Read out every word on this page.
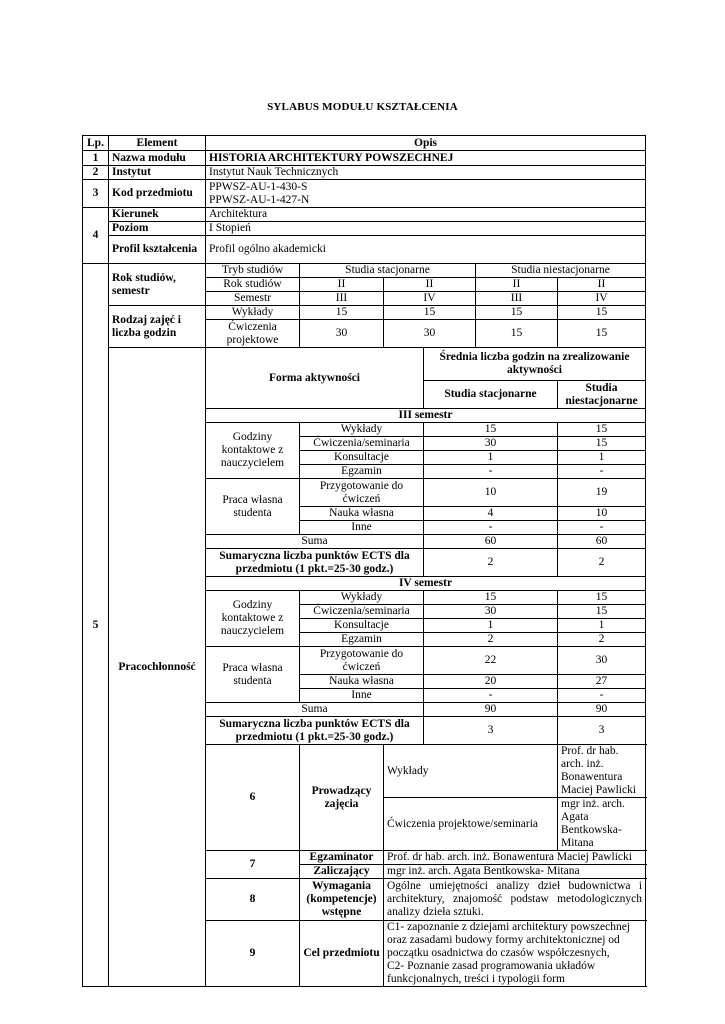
SYLABUS MODUŁU KSZTAŁCENIA
Lp.	Element	Opis					
1	Nazwa modułu	HISTORIA ARCHITEKTURY POWSZECHNEJ					
2	Instytut	Instytut Nauk Technicznych					
3	Kod przedmiotu	PPWSZ-AU-1-430-S
PPWSZ-AU-1-427-N					
4	Kierunek	Architektura					
	Poziom	I Stopień					
	Profil kształcenia	Profil ogólno akademicki					
5	Rok studiów, semestr	Tryb studiów	Studia stacjonarne			Studia niestacjonarne	
		Rok studiów	II	II		II	II
		Semestr	III	IV		III	IV
	Rodzaj zajęć i liczba godzin	Wykłady	15	15		15	15
		Ćwiczenia projektowe	30	30		15	15
	Pracochłonność	Forma aktywności			Średnia liczba godzin na zrealizowanie aktywności		
					Studia stacjonarne		Studia niestacjonarne
		III semestr					
		Godziny kontaktowe z nauczycielem	Wykłady		15		15
			Ćwiczenia/seminaria		30		15
			Konsultacje		1		1
			Egzamin		-		-
		Praca własna studenta	Przygotowanie do ćwiczeń		10		19
			Nauka własna		4		10
			Inne		-		-
		Suma			60		60
		Sumaryczna liczba punktów ECTS dla przedmiotu (1 pkt.=25-30 godz.)			2		2
		IV semestr					
		Godziny kontaktowe z nauczycielem	Wykłady		15		15
			Ćwiczenia/seminaria		30		15
			Konsultacje		1		1
			Egzamin		2		2
		Praca własna studenta	Przygotowanie do ćwiczeń		22		30
			Nauka własna		20		27
			Inne		-		-
		Suma			90		90
		Sumaryczna liczba punktów ECTS dla przedmiotu (1 pkt.=25-30 godz.)			3		3
		6	Prowadzący zajęcia	Wykłady			Prof. dr hab. arch. inż. Bonawentura Maciej Pawlicki
				Ćwiczenia projektowe/seminaria			mgr inż. arch. Agata Bentkowska- Mitana
		7	Egzaminator	Prof. dr hab. arch. inż. Bonawentura Maciej Pawlicki			
			Zaliczający	mgr inż. arch. Agata Bentkowska- Mitana			
		8	Wymagania (kompetencje) wstępne	Ogólne umiejętności analizy dzieł budownictwa i architektury, znajomość podstaw metodologicznych analizy dzieła sztuki.			
		9	Cel przedmiotu	C1- zapoznanie z dziejami architektury powszechnej oraz zasadami budowy formy architektonicznej od początku osadnictwa do czasów współczesnych,
C2- Poznanie zasad programowania układów funkcjonalnych, treści i typologii form			
